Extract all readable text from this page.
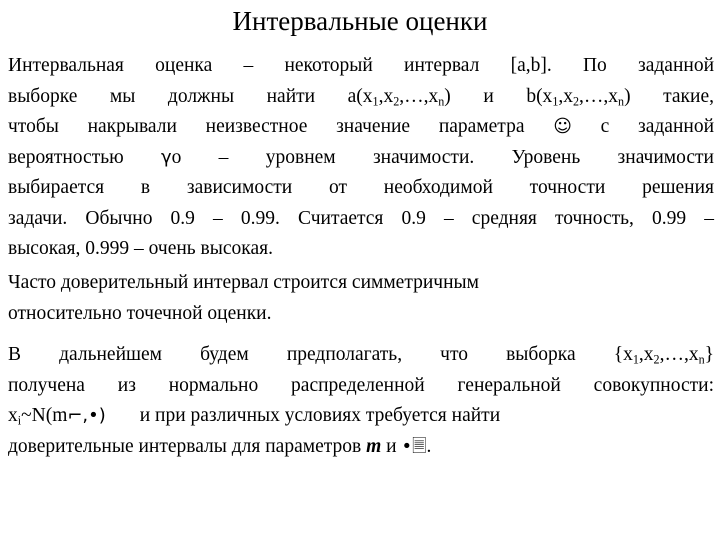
Интервальные оценки
Интервальная оценка – некоторый интервал [a,b]. По заданной
выборке мы должны найти $a(x_1,x_2,\dots,x_n)$ и $b(x_1,x_2,\dots,x_n)$ такие,
чтобы накрывали неизвестное значение параметра ☺ с заданной
вероятностью γo – уровнем значимости. Уровень значимости
выбирается в зависимости от необходимой точности решения
задачи. Обычно 0.9 – 0.99. Считается 0.9 – средняя точность, 0.99 –
высокая, 0.999 – очень высокая.
Часто доверительный интервал строится симметричным
относительно точечной оценки.
В дальнейшем будем предполагать, что выборка $\{x_1,x_2,\dots,x_n\}$
получена из нормально распределенной генеральной совокупности:
$x_i\sim N(m⌐,•)$ и при различных условиях требуется найти
доверительные интервалы для параметров m и •🗏.
